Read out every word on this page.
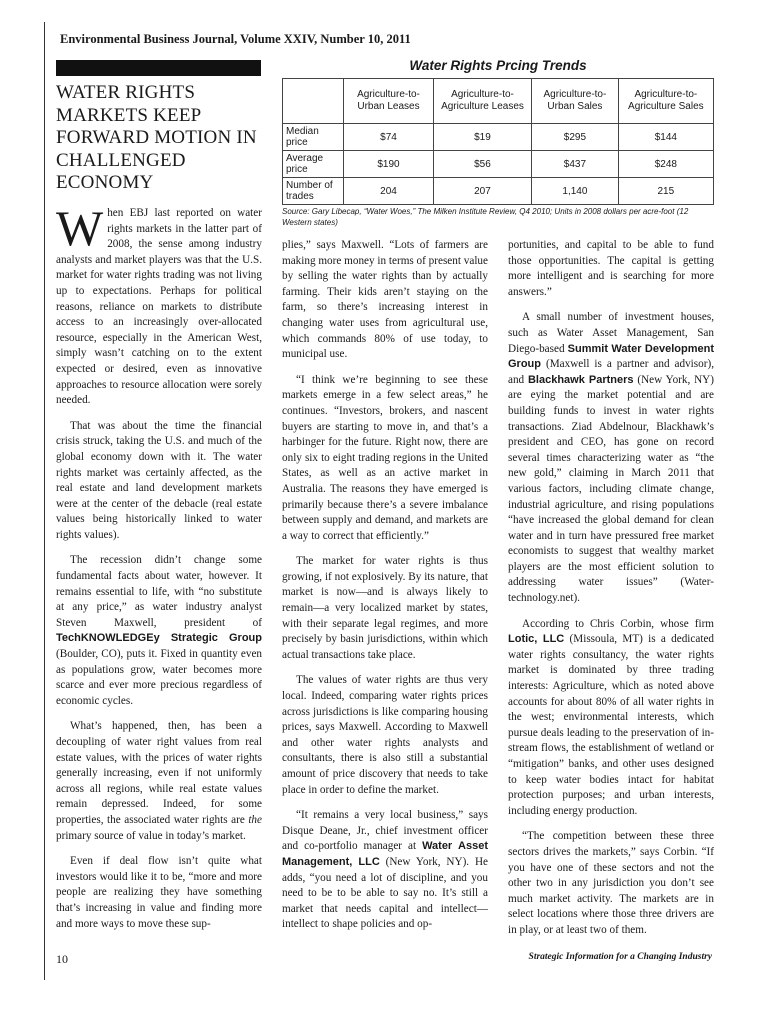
Environmental Business Journal, Volume XXIV, Number 10, 2011
WATER RIGHTS MARKETS KEEP FORWARD MOTION IN CHALLENGED ECONOMY
Water Rights Prcing Trends
	Agriculture-to-Urban Leases	Agriculture-to-Agriculture Leases	Agriculture-to-Urban Sales	Agriculture-to-Agriculture Sales
Median price	$74	$19	$295	$144
Average price	$190	$56	$437	$248
Number of trades	204	207	1,140	215
Source: Gary Libecap, “Water Woes,” The Milken Institute Review, Q4 2010; Units in 2008 dollars per acre-foot (12 Western states)

When EBJ last reported on water rights markets in the latter part of 2008, the sense among industry analysts and market players was that the U.S. market for water rights trading was not living up to expectations. Perhaps for political reasons, reliance on markets to distribute access to an increasingly over-allocated resource, especially in the American West, simply wasn’t catching on to the extent expected or desired, even as innovative approaches to resource allocation were sorely needed.

That was about the time the financial crisis struck, taking the U.S. and much of the global economy down with it. The water rights market was certainly affected, as the real estate and land development markets were at the center of the debacle (real estate values being historically linked to water rights values).

The recession didn’t change some fundamental facts about water, however. It remains essential to life, with “no substitute at any price,” as water industry analyst Steven Maxwell, president of TechKNOWLEDGEy Strategic Group (Boulder, CO), puts it. Fixed in quantity even as populations grow, water becomes more scarce and ever more precious regardless of economic cycles.

What’s happened, then, has been a decoupling of water right values from real estate values, with the prices of water rights generally increasing, even if not uniformly across all regions, while real estate values remain depressed. Indeed, for some properties, the associated water rights are the primary source of value in today’s market.

Even if deal flow isn’t quite what investors would like it to be, “more and more people are realizing they have something that’s increasing in value and finding more and more ways to move these sup-

plies,” says Maxwell. “Lots of farmers are making more money in terms of present value by selling the water rights than by actually farming. Their kids aren’t staying on the farm, so there’s increasing interest in changing water uses from agricultural use, which commands 80% of use today, to municipal use.

“I think we’re beginning to see these markets emerge in a few select areas,” he continues. “Investors, brokers, and nascent buyers are starting to move in, and that’s a harbinger for the future. Right now, there are only six to eight trading regions in the United States, as well as an active market in Australia. The reasons they have emerged is primarily because there’s a severe imbalance between supply and demand, and markets are a way to correct that efficiently.”

The market for water rights is thus growing, if not explosively. By its nature, that market is now—and is always likely to remain—a very localized market by states, with their separate legal regimes, and more precisely by basin jurisdictions, within which actual transactions take place.

The values of water rights are thus very local. Indeed, comparing water rights prices across jurisdictions is like comparing housing prices, says Maxwell. According to Maxwell and other water rights analysts and consultants, there is also still a substantial amount of price discovery that needs to take place in order to define the market.

“It remains a very local business,” says Disque Deane, Jr., chief investment officer and co-portfolio manager at Water Asset Management, LLC (New York, NY). He adds, “you need a lot of discipline, and you need to be to be able to say no. It’s still a market that needs capital and intellect—intellect to shape policies and op-

portunities, and capital to be able to fund those opportunities. The capital is getting more intelligent and is searching for more answers.”

A small number of investment houses, such as Water Asset Management, San Diego-based Summit Water Development Group (Maxwell is a partner and advisor), and Blackhawk Partners (New York, NY) are eying the market potential and are building funds to invest in water rights transactions. Ziad Abdelnour, Blackhawk’s president and CEO, has gone on record several times characterizing water as “the new gold,” claiming in March 2011 that various factors, including climate change, industrial agriculture, and rising populations “have increased the global demand for clean water and in turn have pressured free market economists to suggest that wealthy market players are the most efficient solution to addressing water issues” (Water-technology.net).

According to Chris Corbin, whose firm Lotic, LLC (Missoula, MT) is a dedicated water rights consultancy, the water rights market is dominated by three trading interests: Agriculture, which as noted above accounts for about 80% of all water rights in the west; environmental interests, which pursue deals leading to the preservation of in-stream flows, the establishment of wetland or “mitigation” banks, and other uses designed to keep water bodies intact for habitat protection purposes; and urban interests, including energy production.

“The competition between these three sectors drives the markets,” says Corbin. “If you have one of these sectors and not the other two in any jurisdiction you don’t see much market activity. The markets are in select locations where those three drivers are in play, or at least two of them.

10	Strategic Information for a Changing Industry
